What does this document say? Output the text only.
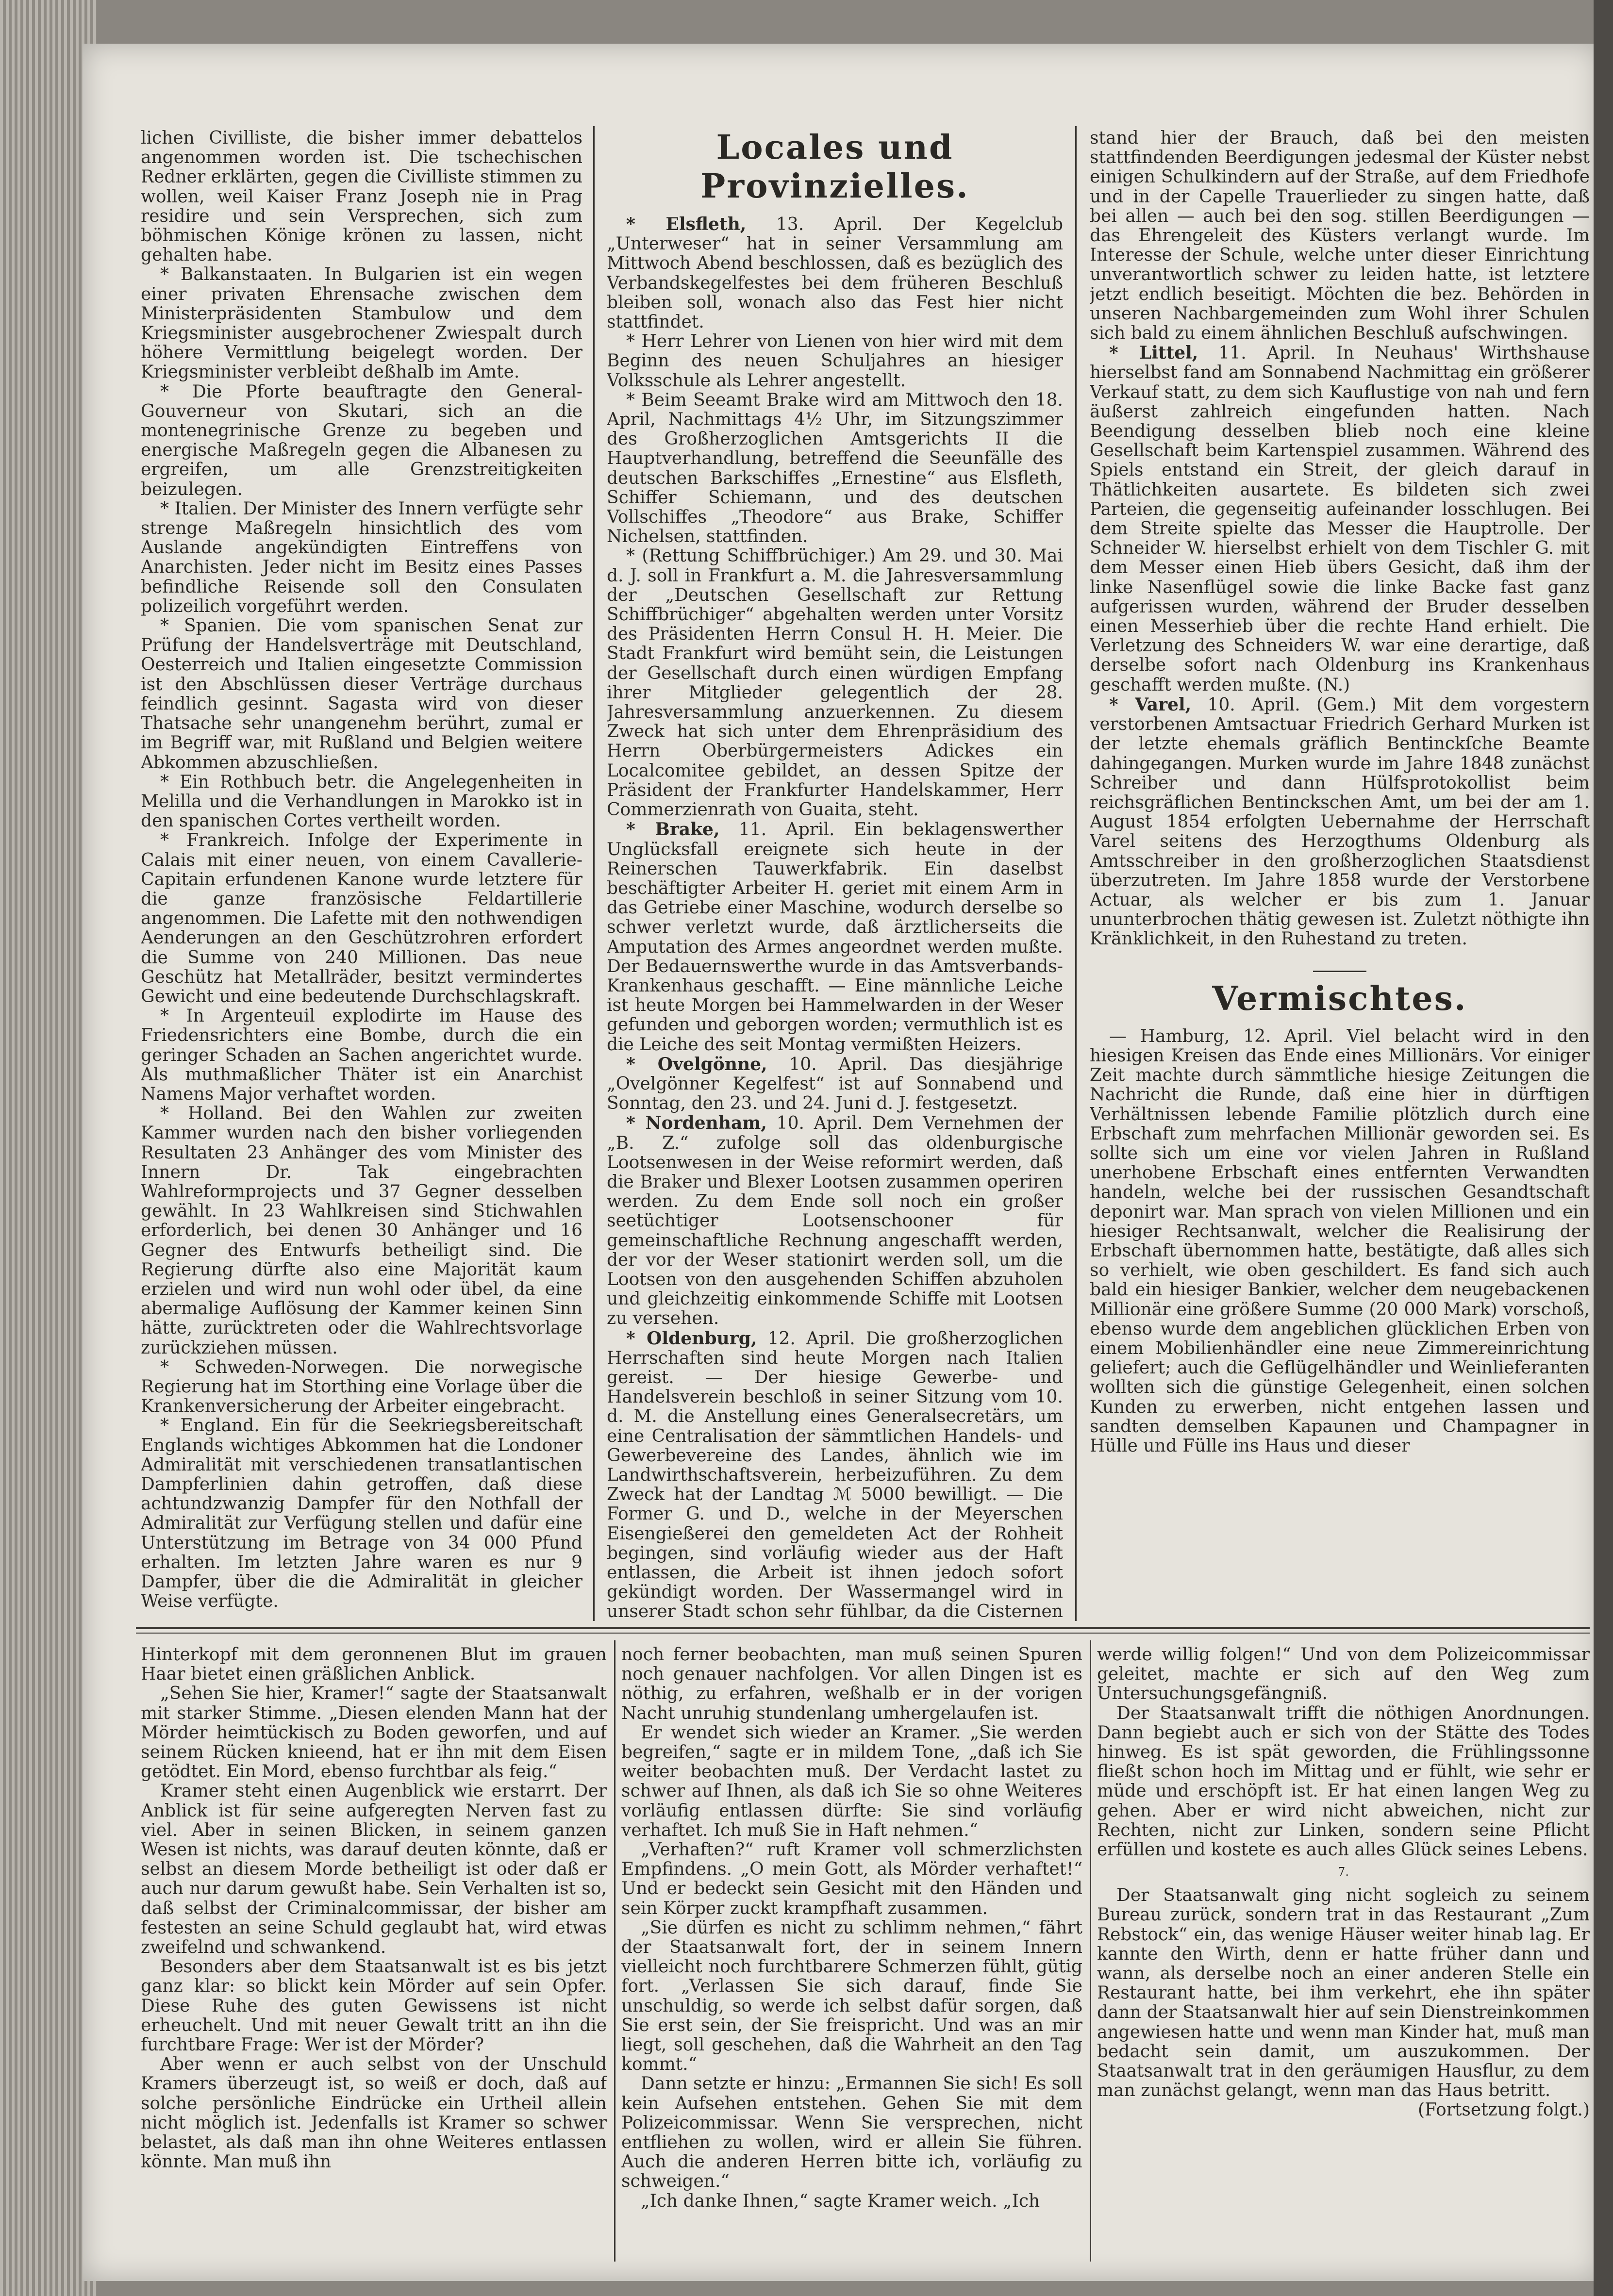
lichen Civilliste, die bisher immer debattelos angenommen worden ist. Die tschechischen Redner erklärten, gegen die Civilliste stimmen zu wollen, weil Kaiser Franz Joseph nie in Prag residire und sein Versprechen, sich zum böhmischen Könige krönen zu lassen, nicht gehalten habe.

* Balkanstaaten. In Bulgarien ist ein wegen einer privaten Ehrensache zwischen dem Ministerpräsidenten Stambulow und dem Kriegsminister ausgebrochener Zwiespalt durch höhere Vermittlung beigelegt worden. Der Kriegsminister verbleibt deßhalb im Amte.

* Die Pforte beauftragte den General-Gouverneur von Skutari, sich an die montenegrinische Grenze zu begeben und energische Maßregeln gegen die Albanesen zu ergreifen, um alle Grenzstreitigkeiten beizulegen.

* Italien. Der Minister des Innern verfügte sehr strenge Maßregeln hinsichtlich des vom Auslande angekündigten Eintreffens von Anarchisten. Jeder nicht im Besitz eines Passes befindliche Reisende soll den Consulaten polizeilich vorgeführt werden.

* Spanien. Die vom spanischen Senat zur Prüfung der Handelsverträge mit Deutschland, Oesterreich und Italien eingesetzte Commission ist den Abschlüssen dieser Verträge durchaus feindlich gesinnt. Sagasta wird von dieser Thatsache sehr unangenehm berührt, zumal er im Begriff war, mit Rußland und Belgien weitere Abkommen abzuschließen.

* Ein Rothbuch betr. die Angelegenheiten in Melilla und die Verhandlungen in Marokko ist in den spanischen Cortes vertheilt worden.

* Frankreich. Infolge der Experimente in Calais mit einer neuen, von einem Cavallerie-Capitain erfundenen Kanone wurde letztere für die ganze französische Feldartillerie angenommen. Die Lafette mit den nothwendigen Aenderungen an den Geschützrohren erfordert die Summe von 240 Millionen. Das neue Geschütz hat Metallräder, besitzt vermindertes Gewicht und eine bedeutende Durchschlagskraft.

* In Argenteuil explodirte im Hause des Friedensrichters eine Bombe, durch die ein geringer Schaden an Sachen angerichtet wurde. Als muthmaßlicher Thäter ist ein Anarchist Namens Major verhaftet worden.

* Holland. Bei den Wahlen zur zweiten Kammer wurden nach den bisher vorliegenden Resultaten 23 Anhänger des vom Minister des Innern Dr. Tak eingebrachten Wahlreformprojects und 37 Gegner desselben gewählt. In 23 Wahlkreisen sind Stichwahlen erforderlich, bei denen 30 Anhänger und 16 Gegner des Entwurfs betheiligt sind. Die Regierung dürfte also eine Majorität kaum erzielen und wird nun wohl oder übel, da eine abermalige Auflösung der Kammer keinen Sinn hätte, zurücktreten oder die Wahlrechtsvorlage zurückziehen müssen.

* Schweden-Norwegen. Die norwegische Regierung hat im Storthing eine Vorlage über die Krankenversicherung der Arbeiter eingebracht.

* England. Ein für die Seekriegsbereitschaft Englands wichtiges Abkommen hat die Londoner Admiralität mit verschiedenen transatlantischen Dampferlinien dahin getroffen, daß diese achtundzwanzig Dampfer für den Nothfall der Admiralität zur Verfügung stellen und dafür eine Unterstützung im Betrage von 34 000 Pfund erhalten. Im letzten Jahre waren es nur 9 Dampfer, über die die Admiralität in gleicher Weise verfügte.

Locales und Provinzielles.

* Elsfleth, 13. April. Der Kegelclub „Unterweser“ hat in seiner Versammlung am Mittwoch Abend beschlossen, daß es bezüglich des Verbandskegelfestes bei dem früheren Beschluß bleiben soll, wonach also das Fest hier nicht stattfindet.

* Herr Lehrer von Lienen von hier wird mit dem Beginn des neuen Schuljahres an hiesiger Volksschule als Lehrer angestellt.

* Beim Seeamt Brake wird am Mittwoch den 18. April, Nachmittags 4½ Uhr, im Sitzungszimmer des Großherzoglichen Amtsgerichts II die Hauptverhandlung, betreffend die Seeunfälle des deutschen Barkschiffes „Ernestine“ aus Elsfleth, Schiffer Schiemann, und des deutschen Vollschiffes „Theodore“ aus Brake, Schiffer Nichelsen, stattfinden.

* (Rettung Schiffbrüchiger.) Am 29. und 30. Mai d. J. soll in Frankfurt a. M. die Jahresversammlung der „Deutschen Gesellschaft zur Rettung Schiffbrüchiger“ abgehalten werden unter Vorsitz des Präsidenten Herrn Consul H. H. Meier. Die Stadt Frankfurt wird bemüht sein, die Leistungen der Gesellschaft durch einen würdigen Empfang ihrer Mitglieder gelegentlich der 28. Jahresversammlung anzuerkennen. Zu diesem Zweck hat sich unter dem Ehrenpräsidium des Herrn Oberbürgermeisters Adickes ein Localcomitee gebildet, an dessen Spitze der Präsident der Frankfurter Handelskammer, Herr Commerzienrath von Guaita, steht.

* Brake, 11. April. Ein beklagenswerther Unglücksfall ereignete sich heute in der Reinerschen Tauwerkfabrik. Ein daselbst beschäftigter Arbeiter H. geriet mit einem Arm in das Getriebe einer Maschine, wodurch derselbe so schwer verletzt wurde, daß ärztlicherseits die Amputation des Armes angeordnet werden mußte. Der Bedauernswerthe wurde in das Amtsverbands-Krankenhaus geschafft. — Eine männliche Leiche ist heute Morgen bei Hammelwarden in der Weser gefunden und geborgen worden; vermuthlich ist es die Leiche des seit Montag vermißten Heizers.

* Ovelgönne, 10. April. Das diesjährige „Ovelgönner Kegelfest“ ist auf Sonnabend und Sonntag, den 23. und 24. Juni d. J. festgesetzt.

* Nordenham, 10. April. Dem Vernehmen der „B. Z.“ zufolge soll das oldenburgische Lootsenwesen in der Weise reformirt werden, daß die Braker und Blexer Lootsen zusammen operiren werden. Zu dem Ende soll noch ein großer seetüchtiger Lootsenschooner für gemeinschaftliche Rechnung angeschafft werden, der vor der Weser stationirt werden soll, um die Lootsen von den ausgehenden Schiffen abzuholen und gleichzeitig einkommende Schiffe mit Lootsen zu versehen.

* Oldenburg, 12. April. Die großherzoglichen Herrschaften sind heute Morgen nach Italien gereist. — Der hiesige Gewerbe- und Handelsverein beschloß in seiner Sitzung vom 10. d. M. die Anstellung eines Generalsecretärs, um eine Centralisation der sämmtlichen Handels- und Gewerbevereine des Landes, ähnlich wie im Landwirthschaftsverein, herbeizuführen. Zu dem Zweck hat der Landtag ℳ 5000 bewilligt. — Die Former G. und D., welche in der Meyerschen Eisengießerei den gemeldeten Act der Rohheit begingen, sind vorläufig wieder aus der Haft entlassen, die Arbeit ist ihnen jedoch sofort gekündigt worden. Der Wassermangel wird in unserer Stadt schon sehr fühlbar, da die Cisternen

stand hier der Brauch, daß bei den meisten stattfindenden Beerdigungen jedesmal der Küster nebst einigen Schulkindern auf der Straße, auf dem Friedhofe und in der Capelle Trauerlieder zu singen hatte, daß bei allen — auch bei den sog. stillen Beerdigungen — das Ehrengeleit des Küsters verlangt wurde. Im Interesse der Schule, welche unter dieser Einrichtung unverantwortlich schwer zu leiden hatte, ist letztere jetzt endlich beseitigt. Möchten die bez. Behörden in unseren Nachbargemeinden zum Wohl ihrer Schulen sich bald zu einem ähnlichen Beschluß aufschwingen.

* Littel, 11. April. In Neuhaus' Wirthshause hierselbst fand am Sonnabend Nachmittag ein größerer Verkauf statt, zu dem sich Kauflustige von nah und fern äußerst zahlreich eingefunden hatten. Nach Beendigung desselben blieb noch eine kleine Gesellschaft beim Kartenspiel zusammen. Während des Spiels entstand ein Streit, der gleich darauf in Thätlichkeiten ausartete. Es bildeten sich zwei Parteien, die gegenseitig aufeinander losschlugen. Bei dem Streite spielte das Messer die Hauptrolle. Der Schneider W. hierselbst erhielt von dem Tischler G. mit dem Messer einen Hieb übers Gesicht, daß ihm der linke Nasenflügel sowie die linke Backe fast ganz aufgerissen wurden, während der Bruder desselben einen Messerhieb über die rechte Hand erhielt. Die Verletzung des Schneiders W. war eine derartige, daß derselbe sofort nach Oldenburg ins Krankenhaus geschafft werden mußte. (N.)

* Varel, 10. April. (Gem.) Mit dem vorgestern verstorbenen Amtsactuar Friedrich Gerhard Murken ist der letzte ehemals gräflich Bentinckſche Beamte dahingegangen. Murken wurde im Jahre 1848 zunächst Schreiber und dann Hülfsprotokollist beim reichsgräflichen Bentinckschen Amt, um bei der am 1. August 1854 erfolgten Uebernahme der Herrschaft Varel seitens des Herzogthums Oldenburg als Amtsschreiber in den großherzoglichen Staatsdienst überzutreten. Im Jahre 1858 wurde der Verstorbene Actuar, als welcher er bis zum 1. Januar ununterbrochen thätig gewesen ist. Zuletzt nöthigte ihn Kränklichkeit, in den Ruhestand zu treten.

Vermischtes.

— Hamburg, 12. April. Viel belacht wird in den hiesigen Kreisen das Ende eines Millionärs. Vor einiger Zeit machte durch sämmtliche hiesige Zeitungen die Nachricht die Runde, daß eine hier in dürftigen Verhältnissen lebende Familie plötzlich durch eine Erbschaft zum mehrfachen Millionär geworden sei. Es sollte sich um eine vor vielen Jahren in Rußland unerhobene Erbschaft eines entfernten Verwandten handeln, welche bei der russischen Gesandtschaft deponirt war. Man sprach von vielen Millionen und ein hiesiger Rechtsanwalt, welcher die Realisirung der Erbschaft übernommen hatte, bestätigte, daß alles sich so verhielt, wie oben geschildert. Es fand sich auch bald ein hiesiger Bankier, welcher dem neugebackenen Millionär eine größere Summe (20 000 Mark) vorschoß, ebenso wurde dem angeblichen glücklichen Erben von einem Mobilienhändler eine neue Zimmereinrichtung geliefert; auch die Geflügelhändler und Weinlieferanten wollten sich die günstige Gelegenheit, einen solchen Kunden zu erwerben, nicht entgehen lassen und sandten demselben Kapaunen und Champagner in Hülle und Fülle ins Haus und dieser

Hinterkopf mit dem geronnenen Blut im grauen Haar bietet einen gräßlichen Anblick.

„Sehen Sie hier, Kramer!“ sagte der Staatsanwalt mit starker Stimme. „Diesen elenden Mann hat der Mörder heimtückisch zu Boden geworfen, und auf seinem Rücken knieend, hat er ihn mit dem Eisen getödtet. Ein Mord, ebenso furchtbar als feig.“

Kramer steht einen Augenblick wie erstarrt. Der Anblick ist für seine aufgeregten Nerven fast zu viel. Aber in seinen Blicken, in seinem ganzen Wesen ist nichts, was darauf deuten könnte, daß er selbst an diesem Morde betheiligt ist oder daß er auch nur darum gewußt habe. Sein Verhalten ist so, daß selbst der Criminalcommissar, der bisher am festesten an seine Schuld geglaubt hat, wird etwas zweifelnd und schwankend.

Besonders aber dem Staatsanwalt ist es bis jetzt ganz klar: so blickt kein Mörder auf sein Opfer. Diese Ruhe des guten Gewissens ist nicht erheuchelt. Und mit neuer Gewalt tritt an ihn die furchtbare Frage: Wer ist der Mörder?

Aber wenn er auch selbst von der Unschuld Kramers überzeugt ist, so weiß er doch, daß auf solche persönliche Eindrücke ein Urtheil allein nicht möglich ist. Jedenfalls ist Kramer so schwer belastet, als daß man ihn ohne Weiteres entlassen könnte. Man muß ihn

noch ferner beobachten, man muß seinen Spuren noch genauer nachfolgen. Vor allen Dingen ist es nöthig, zu erfahren, weßhalb er in der vorigen Nacht unruhig stundenlang umhergelaufen ist.

Er wendet sich wieder an Kramer. „Sie werden begreifen,“ sagte er in mildem Tone, „daß ich Sie weiter beobachten muß. Der Verdacht lastet zu schwer auf Ihnen, als daß ich Sie so ohne Weiteres vorläufig entlassen dürfte: Sie sind vorläufig verhaftet. Ich muß Sie in Haft nehmen.“

„Verhaften?“ ruft Kramer voll schmerzlichsten Empfindens. „O mein Gott, als Mörder verhaftet!“ Und er bedeckt sein Gesicht mit den Händen und sein Körper zuckt krampfhaft zusammen.

„Sie dürfen es nicht zu schlimm nehmen,“ fährt der Staatsanwalt fort, der in seinem Innern vielleicht noch furchtbarere Schmerzen fühlt, gütig fort. „Verlassen Sie sich darauf, finde Sie unschuldig, so werde ich selbst dafür sorgen, daß Sie erst sein, der Sie freispricht. Und was an mir liegt, soll geschehen, daß die Wahrheit an den Tag kommt.“

Dann setzte er hinzu: „Ermannen Sie sich! Es soll kein Aufsehen entstehen. Gehen Sie mit dem Polizeicommissar. Wenn Sie versprechen, nicht entfliehen zu wollen, wird er allein Sie führen. Auch die anderen Herren bitte ich, vorläufig zu schweigen.“

„Ich danke Ihnen,“ sagte Kramer weich. „Ich

werde willig folgen!“ Und von dem Polizeicommissar geleitet, machte er sich auf den Weg zum Untersuchungsgefängniß.

Der Staatsanwalt trifft die nöthigen Anordnungen. Dann begiebt auch er sich von der Stätte des Todes hinweg. Es ist spät geworden, die Frühlingssonne fließt schon hoch im Mittag und er fühlt, wie sehr er müde und erschöpft ist. Er hat einen langen Weg zu gehen. Aber er wird nicht abweichen, nicht zur Rechten, nicht zur Linken, sondern seine Pflicht erfüllen und kostete es auch alles Glück seines Lebens.

7.

Der Staatsanwalt ging nicht sogleich zu seinem Bureau zurück, sondern trat in das Restaurant „Zum Rebstock“ ein, das wenige Häuser weiter hinab lag. Er kannte den Wirth, denn er hatte früher dann und wann, als derselbe noch an einer anderen Stelle ein Restaurant hatte, bei ihm verkehrt, ehe ihn später dann der Staatsanwalt hier auf sein Dienstreinkommen angewiesen hatte und wenn man Kinder hat, muß man bedacht sein damit, um auszukommen. Der Staatsanwalt trat in den geräumigen Hausflur, zu dem man zunächst gelangt, wenn man das Haus betritt.

(Fortsetzung folgt.)
